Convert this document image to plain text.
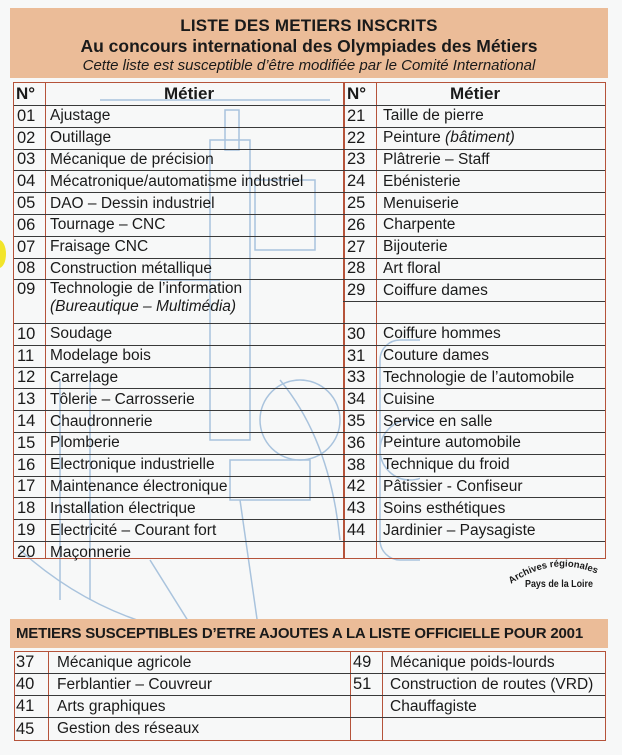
LISTE DES METIERS INSCRITS
Au concours international des Olympiades des Métiers
Cette liste est susceptible d’être modifiée par le Comité International
N°	Métier
01 Ajustage
02 Outillage
03 Mécanique de précision
04 Mécatronique/automatisme industriel
05 DAO – Dessin industriel
06 Tournage – CNC
07 Fraisage CNC
08 Construction métallique
09 Technologie de l’information
(Bureautique – Multimédia)
10 Soudage
11 Modelage bois
12 Carrelage
13 Tôlerie – Carrosserie
14 Chaudronnerie
15 Plomberie
16 Electronique industrielle
17 Maintenance électronique
18 Installation électrique
19 Electricité – Courant fort
20 Maçonnerie
N°	Métier
21 Taille de pierre
22 Peinture (bâtiment)
23 Plâtrerie – Staff
24 Ebénisterie
25 Menuiserie
26 Charpente
27 Bijouterie
28 Art floral
29 Coiffure dames
30 Coiffure hommes
31 Couture dames
33 Technologie de l’automobile
34 Cuisine
35 Service en salle
36 Peinture automobile
38 Technique du froid
42 Pâtissier - Confiseur
43 Soins esthétiques
44 Jardinier – Paysagiste
Archives régionales
Pays de la Loire
METIERS SUSCEPTIBLES D’ETRE AJOUTES A LA LISTE OFFICIELLE POUR 2001
37 Mécanique agricole
40 Ferblantier – Couvreur
41 Arts graphiques
45 Gestion des réseaux
49 Mécanique poids-lourds
51 Construction de routes (VRD)
Chauffagiste
